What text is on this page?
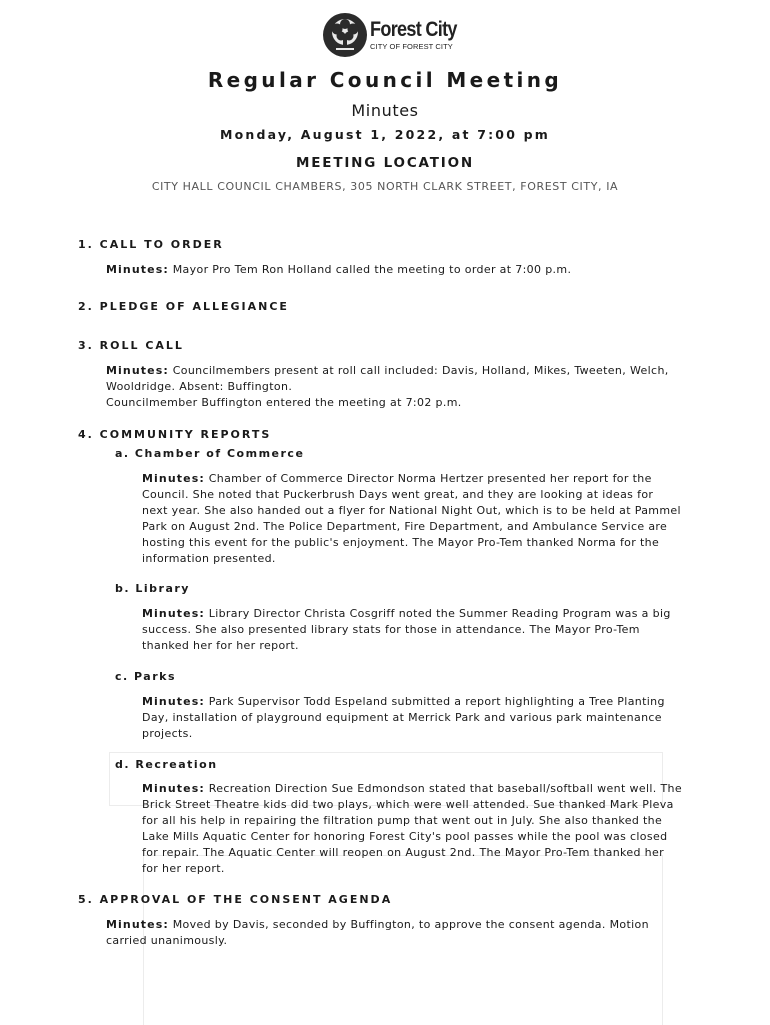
Forest City
CITY OF FOREST CITY
Regular Council Meeting
Minutes
Monday, August 1, 2022, at 7:00 pm
MEETING LOCATION
CITY HALL COUNCIL CHAMBERS, 305 NORTH CLARK STREET, FOREST CITY, IA
1. CALL TO ORDER
Minutes: Mayor Pro Tem Ron Holland called the meeting to order at 7:00 p.m.
2. PLEDGE OF ALLEGIANCE
3. ROLL CALL
Minutes: Councilmembers present at roll call included: Davis, Holland, Mikes, Tweeten, Welch,
Wooldridge. Absent: Buffington.
Councilmember Buffington entered the meeting at 7:02 p.m.
4. COMMUNITY REPORTS
a. Chamber of Commerce
Minutes: Chamber of Commerce Director Norma Hertzer presented her report for the
Council. She noted that Puckerbrush Days went great, and they are looking at ideas for
next year. She also handed out a flyer for National Night Out, which is to be held at Pammel
Park on August 2nd. The Police Department, Fire Department, and Ambulance Service are
hosting this event for the public's enjoyment. The Mayor Pro-Tem thanked Norma for the
information presented.
b. Library
Minutes: Library Director Christa Cosgriff noted the Summer Reading Program was a big
success. She also presented library stats for those in attendance. The Mayor Pro-Tem
thanked her for her report.
c. Parks
Minutes: Park Supervisor Todd Espeland submitted a report highlighting a Tree Planting
Day, installation of playground equipment at Merrick Park and various park maintenance
projects.
d. Recreation
Minutes: Recreation Direction Sue Edmondson stated that baseball/softball went well. The
Brick Street Theatre kids did two plays, which were well attended. Sue thanked Mark Pleva
for all his help in repairing the filtration pump that went out in July. She also thanked the
Lake Mills Aquatic Center for honoring Forest City's pool passes while the pool was closed
for repair. The Aquatic Center will reopen on August 2nd. The Mayor Pro-Tem thanked her
for her report.
5. APPROVAL OF THE CONSENT AGENDA
Minutes: Moved by Davis, seconded by Buffington, to approve the consent agenda. Motion
carried unanimously.
